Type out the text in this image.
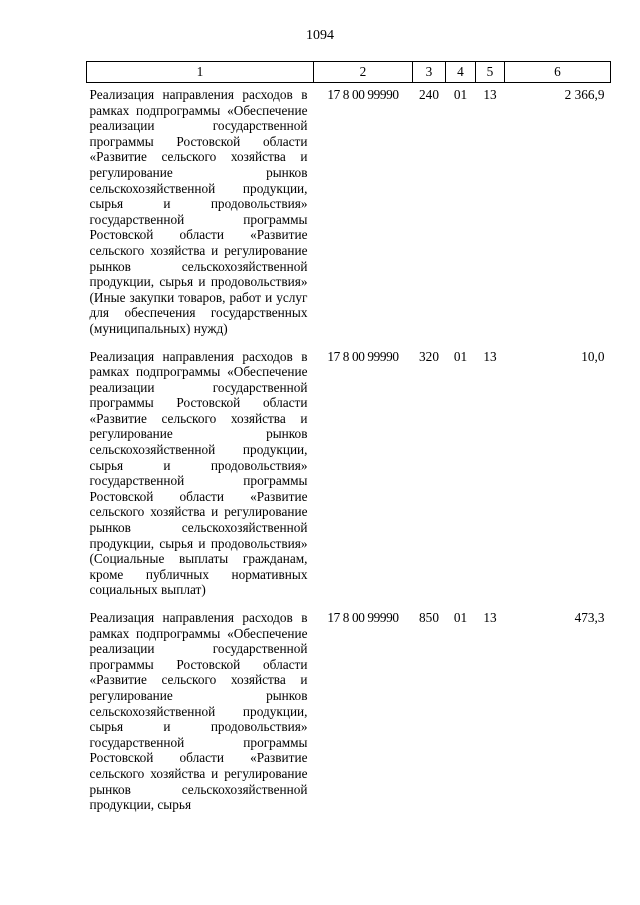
1094
1	2	3	4	5	6
Реализация направления расходов в рамках подпрограммы «Обеспечение реализации государственной программы Ростовской области «Развитие сельского хозяйства и регулирование рынков сельскохозяйственной продукции, сырья и продовольствия» государственной программы Ростовской области «Развитие сельского хозяйства и регулирование рынков сельскохозяйственной продукции, сырья и продовольствия» (Иные закупки товаров, работ и услуг для обеспечения государственных (муниципальных) нужд)	17 8 00 99990	240	01	13	2 366,9
Реализация направления расходов в рамках подпрограммы «Обеспечение реализации государственной программы Ростовской области «Развитие сельского хозяйства и регулирование рынков сельскохозяйственной продукции, сырья и продовольствия» государственной программы Ростовской области «Развитие сельского хозяйства и регулирование рынков сельскохозяйственной продукции, сырья и продовольствия» (Социальные выплаты гражданам, кроме публичных нормативных социальных выплат)	17 8 00 99990	320	01	13	10,0
Реализация направления расходов в рамках подпрограммы «Обеспечение реализации государственной программы Ростовской области «Развитие сельского хозяйства и регулирование рынков сельскохозяйственной продукции, сырья и продовольствия» государственной программы Ростовской области «Развитие сельского хозяйства и регулирование рынков сельскохозяйственной продукции, сырья	17 8 00 99990	850	01	13	473,3
